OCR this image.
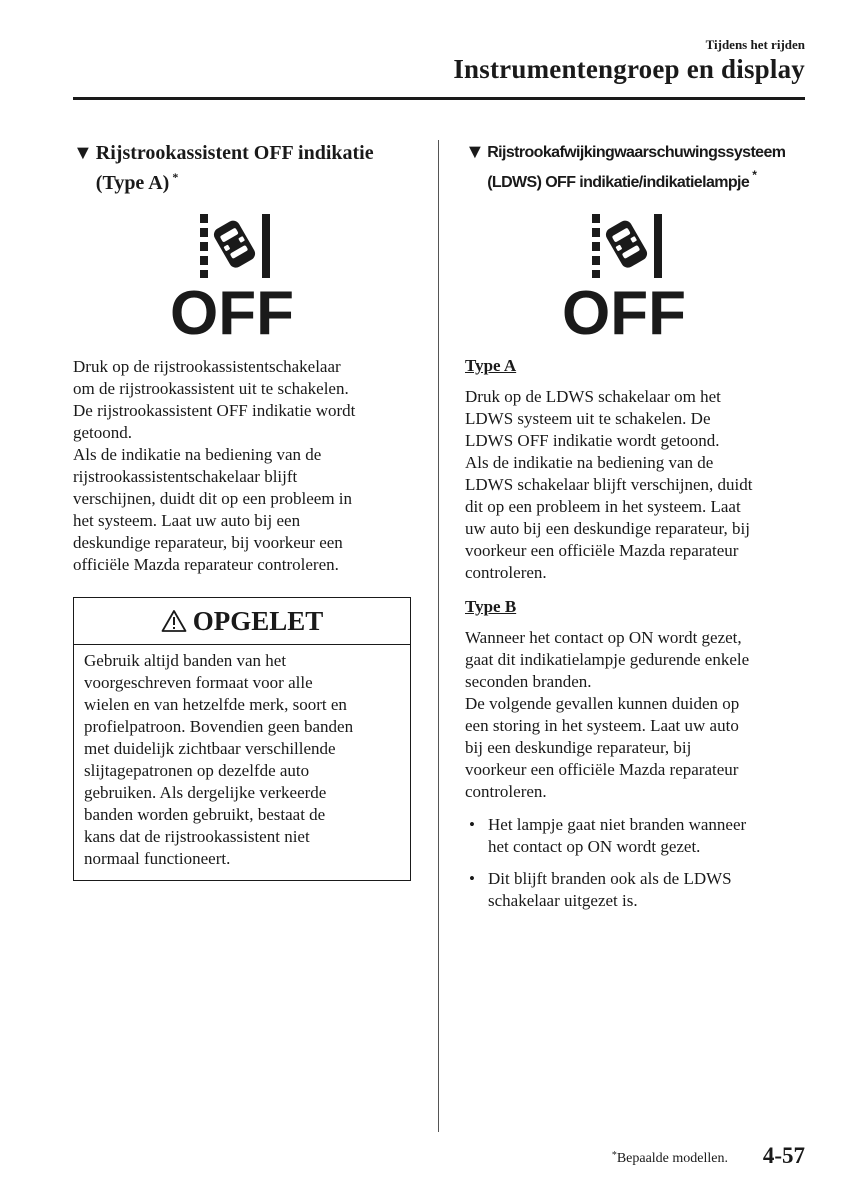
Tijdens het rijden
Instrumentengroep en display
▼ Rijstrookassistent OFF indikatie
(Type A) *
OFF
Druk op de rijstrookassistentschakelaar
om de rijstrookassistent uit te schakelen.
De rijstrookassistent OFF indikatie wordt
getoond.
Als de indikatie na bediening van de
rijstrookassistentschakelaar blijft
verschijnen, duidt dit op een probleem in
het systeem. Laat uw auto bij een
deskundige reparateur, bij voorkeur een
officiële Mazda reparateur controleren.
OPGELET
Gebruik altijd banden van het
voorgeschreven formaat voor alle
wielen en van hetzelfde merk, soort en
profielpatroon. Bovendien geen banden
met duidelijk zichtbaar verschillende
slijtagepatronen op dezelfde auto
gebruiken. Als dergelijke verkeerde
banden worden gebruikt, bestaat de
kans dat de rijstrookassistent niet
normaal functioneert.
▼ Rijstrookafwijkingwaarschuwingssysteem
(LDWS) OFF indikatie/indikatielampje *
OFF
Type A
Druk op de LDWS schakelaar om het
LDWS systeem uit te schakelen. De
LDWS OFF indikatie wordt getoond.
Als de indikatie na bediening van de
LDWS schakelaar blijft verschijnen, duidt
dit op een probleem in het systeem. Laat
uw auto bij een deskundige reparateur, bij
voorkeur een officiële Mazda reparateur
controleren.
Type B
Wanneer het contact op ON wordt gezet,
gaat dit indikatielampje gedurende enkele
seconden branden.
De volgende gevallen kunnen duiden op
een storing in het systeem. Laat uw auto
bij een deskundige reparateur, bij
voorkeur een officiële Mazda reparateur
controleren.
• Het lampje gaat niet branden wanneer
het contact op ON wordt gezet.
• Dit blijft branden ook als de LDWS
schakelaar uitgezet is.
*Bepaalde modellen. 4-57
